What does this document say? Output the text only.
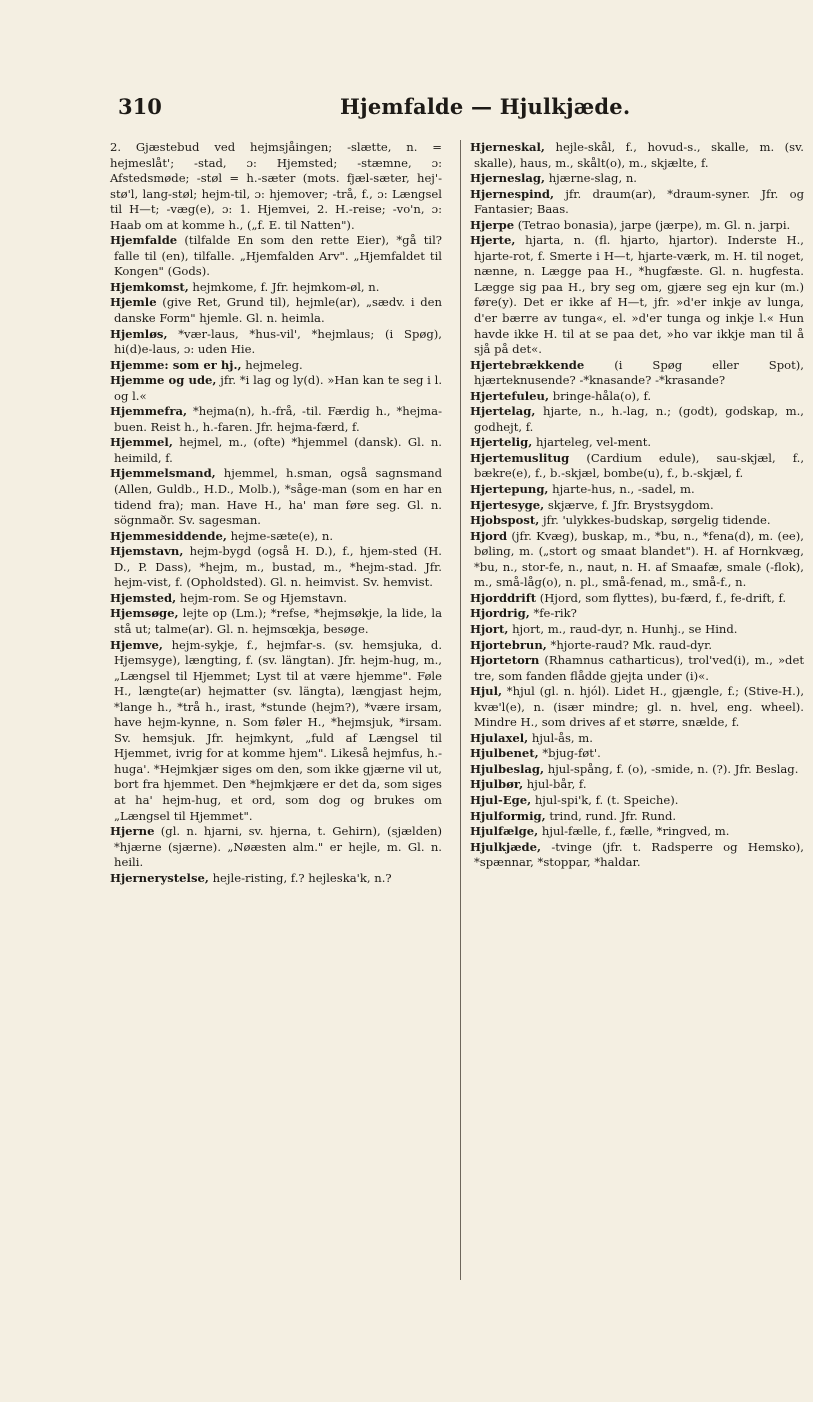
310	Hjemfalde — Hjulkjæde.

2. Gjæstebud ved hejmsjåingen; -slætte, n. = hejmeslåt'; -stad, ɔ: Hjemsted; -stæmne, ɔ: Afstedsmøde; -støl = h.-sæter (mots. fjæl-sæter, hej'-stø'l, lang-støl; hejm-til, ɔ: hjemover; -trå, f., ɔ: Længsel til H—t; -væg(e), ɔ: 1. Hjemvei, 2. H.-reise; -vo'n, ɔ: Haab om at komme h., („f. E. til Natten").

Hjemfalde (tilfalde En som den rette Eier), *gå til? falle til (en), tilfalle. „Hjemfalden Arv". „Hjemfaldet til Kongen" (Gods).

Hjemkomst, hejmkome, f. Jfr. hejmkom-øl, n.

Hjemle (give Ret, Grund til), hejmle(ar), „sædv. i den danske Form" hjemle. Gl. n. heimla.

Hjemløs, *vær-laus, *hus-vil', *hejmlaus; (i Spøg), hi(d)e-laus, ɔ: uden Hie.

Hjemme: som er hj., hejmeleg.

Hjemme og ude, jfr. *i lag og ly(d). »Han kan te seg i l. og l.«

Hjemmefra, *hejma(n), h.-frå, -til. Færdig h., *hejma-buen. Reist h., h.-faren. Jfr. hejma-færd, f.

Hjemmel, hejmel, m., (ofte) *hjemmel (dansk). Gl. n. heimild, f.

Hjemmelsmand, hjemmel, h.sman, også sagnsmand (Allen, Guldb., H.D., Molb.), *såge-man (som en har en tidend fra); man. Have H., ha' man føre seg. Gl. n. sögnmaðr. Sv. sagesman.

Hjemmesiddende, hejme-sæte(e), n.

Hjemstavn, hejm-bygd (også H. D.), f., hjem-sted (H. D., P. Dass), *hejm, m., bustad, m., *hejm-stad. Jfr. hejm-vist, f. (Opholdsted). Gl. n. heimvist. Sv. hemvist.

Hjemsted, hejm-rom. Se og Hjemstavn.

Hjemsøge, lejte op (Lm.); *refse, *hejmsøkje, la lide, la stå ut; talme(ar). Gl. n. hejmsœkja, besøge.

Hjemve, hejm-sykje, f., hejmfar-s. (sv. hemsjuka, d. Hjemsyge), længting, f. (sv. längtan). Jfr. hejm-hug, m., „Længsel til Hjemmet; Lyst til at være hjemme". Føle H., længte(ar) hejmatter (sv. längta), længjast hejm, *lange h., *trå h., irast, *stunde (hejm?), *være irsam, have hejm-kynne, n. Som føler H., *hejmsjuk, *irsam. Sv. hemsjuk. Jfr. hejmkynt, „fuld af Længsel til Hjemmet, ivrig for at komme hjem". Likeså hejmfus, h.-huga'. *Hejmkjær siges om den, som ikke gjærne vil ut, bort fra hjemmet. Den *hejmkjære er det da, som siges at ha' hejm-hug, et ord, som dog og brukes om „Længsel til Hjemmet".

Hjerne (gl. n. hjarni, sv. hjerna, t. Gehirn), (sjælden) *hjærne (sjærne). „Nøæsten alm." er hejle, m. Gl. n. heili.

Hjernerystelse, hejle-risting, f.? hejleska'k, n.?

Hjerneskal, hejle-skål, f., hovud-s., skalle, m. (sv. skalle), haus, m., skålt(o), m., skjælte, f.

Hjerneslag, hjærne-slag, n.

Hjernespind, jfr. draum(ar), *draum-syner. Jfr. og Fantasier; Baas.

Hjerpe (Tetrao bonasia), jarpe (jærpe), m. Gl. n. jarpi.

Hjerte, hjarta, n. (fl. hjarto, hjartor). Inderste H., hjarte-rot, f. Smerte i H—t, hjarte-værk, m. H. til noget, nænne, n. Lægge paa H., *hugfæste. Gl. n. hugfesta. Lægge sig paa H., bry seg om, gjære seg ejn kur (m.) føre(y). Det er ikke af H—t, jfr. »d'er inkje av lunga, d'er bærre av tunga«, el. »d'er tunga og inkje l.« Hun havde ikke H. til at se paa det, »ho var ikkje man til å sjå på det«.

Hjertebrækkende (i Spøg eller Spot), hjærteknusende? -*knasande? -*krasande?

Hjertefuleu, bringe-håla(o), f.

Hjertelag, hjarte, n., h.-lag, n.; (godt), godskap, m., godhejt, f.

Hjertelig, hjarteleg, vel-ment.

Hjertemuslitug (Cardium edule), sau-skjæl, f., bækre(e), f., b.-skjæl, bombe(u), f., b.-skjæl, f.

Hjertepung, hjarte-hus, n., -sadel, m.

Hjertesyge, skjærve, f. Jfr. Brystsygdom.

Hjobspost, jfr. 'ulykkes-budskap, sørgelig tidende.

Hjord (jfr. Kvæg), buskap, m., *bu, n., *fena(d), m. (ee), bøling, m. („stort og smaat blandet"). H. af Hornkvæg, *bu, n., stor-fe, n., naut, n. H. af Smaafæ, smale (-flok), m., små-låg(o), n. pl., små-fenad, m., små-f., n.

Hjorddrift (Hjord, som flyttes), bu-færd, f., fe-drift, f.

Hjordrig, *fe-rik?

Hjort, hjort, m., raud-dyr, n. Hunhj., se Hind.

Hjortebrun, *hjorte-raud? Mk. raud-dyr.

Hjortetorn (Rhamnus catharticus), trol'ved(i), m., »det tre, som fanden flådde gjejta under (i)«.

Hjul, *hjul (gl. n. hjól). Lidet H., gjænglе, f.; (Stive-H.), kvæ'l(e), n. (især mindre; gl. n. hvel, eng. wheel). Mindre H., som drives af et større, snælde, f.

Hjulaxel, hjul-ås, m.

Hjulbenet, *bjug-føt'.

Hjulbeslag, hjul-spång, f. (o), -smide, n. (?). Jfr. Beslag.

Hjulbør, hjul-bår, f.

Hjul-Ege, hjul-spi'k, f. (t. Speiche).

Hjulformig, trind, rund. Jfr. Rund.

Hjulfælge, hjul-fælle, f., fælle, *ringved, m.

Hjulkjæde, -tvinge (jfr. t. Radsperre og Hemsko), *spænnar, *stoppar, *haldar.
